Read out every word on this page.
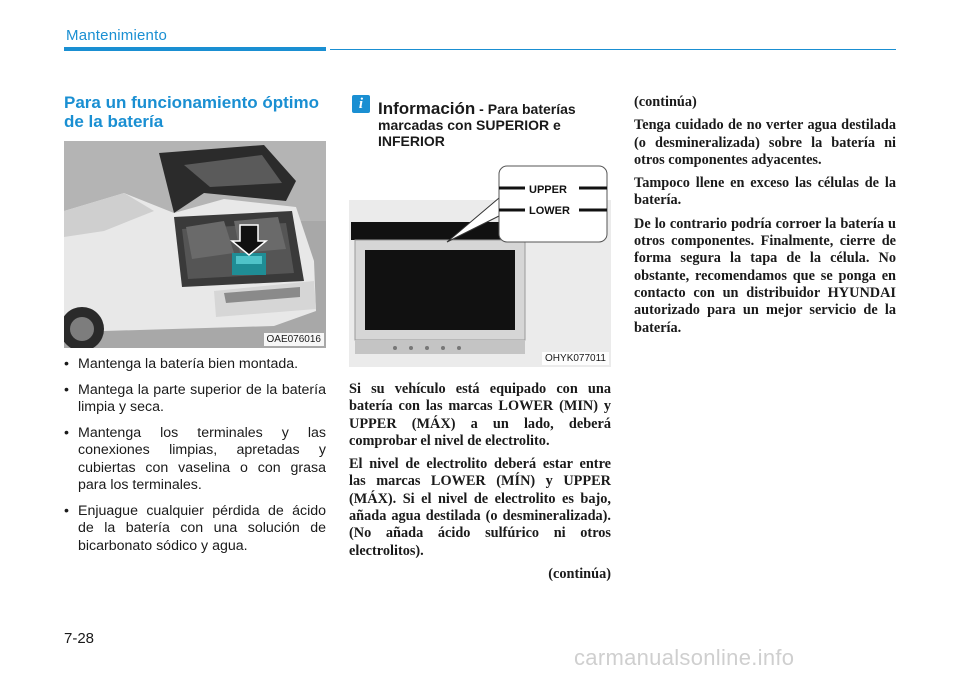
Mantenimiento
Para un funcionamiento óptimo de la batería
OAE076016
• Mantenga la batería bien montada.
• Mantega la parte superior de la batería limpia y seca.
• Mantenga los terminales y las conexiones limpias, apretadas y cubiertas con vaselina o con grasa para los terminales.
• Enjuague cualquier pérdida de ácido de la batería con una solución de bicarbonato sódico y agua.
i Información - Para baterías marcadas con SUPERIOR e INFERIOR
UPPER
LOWER
OHYK077011

Si su vehículo está equipado con una batería con las marcas LOWER (MIN) y UPPER (MÁX) a un lado, deberá comprobar el nivel de electrolito.

El nivel de electrolito deberá estar entre las marcas LOWER (MÍN) y UPPER (MÁX). Si el nivel de electrolito es bajo, añada agua destilada (o desmineralizada). (No añada ácido sulfúrico ni otros electrolitos).

(continúa)

(continúa)

Tenga cuidado de no verter agua destilada (o desmineralizada) sobre la batería ni otros componentes adyacentes.

Tampoco llene en exceso las células de la batería.

De lo contrario podría corroer la batería u otros componentes. Finalmente, cierre de forma segura la tapa de la célula. No obstante, recomendamos que se ponga en contacto con un distribuidor HYUNDAI autorizado para un mejor servicio de la batería.

7-28
carmanualsonline.info
